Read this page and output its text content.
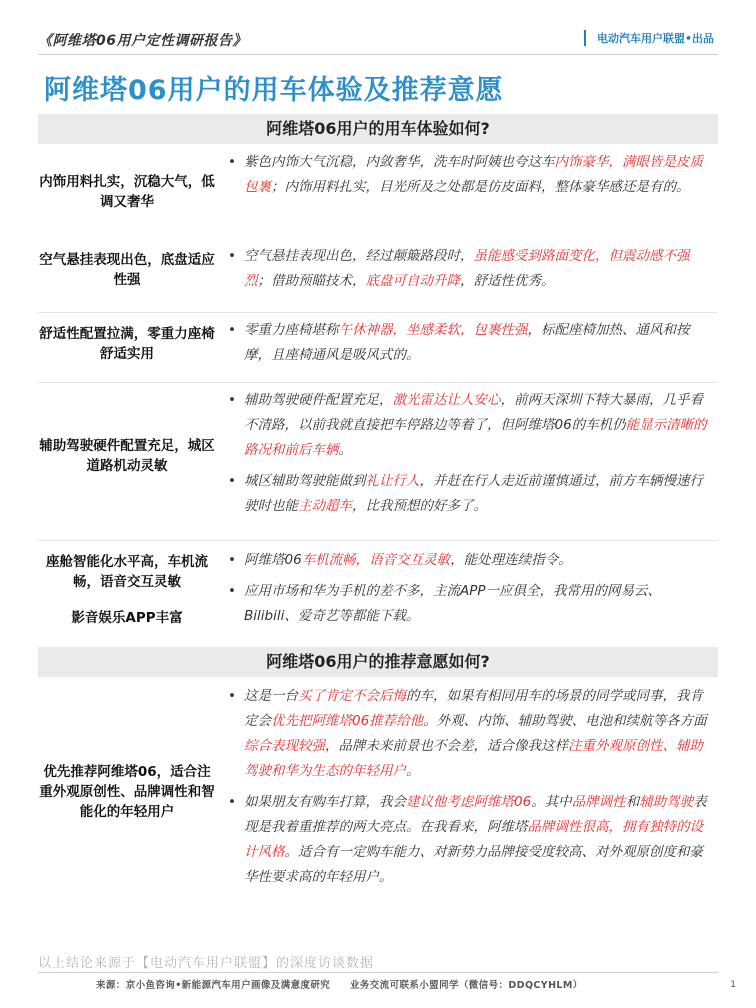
《阿维塔06用户定性调研报告》	电动汽车用户联盟•出品
阿维塔06用户的用车体验及推荐意愿
阿维塔06用户的用车体验如何?
内饰用料扎实，沉稳大气，低调又奢华
• 紫色内饰大气沉稳，内敛奢华，洗车时阿姨也夸这车内饰豪华，满眼皆是皮质包裹；内饰用料扎实，目光所及之处都是仿皮面料，整体豪华感还是有的。
空气悬挂表现出色，底盘适应性强
• 空气悬挂表现出色，经过颠簸路段时，虽能感受到路面变化，但震动感不强烈；借助预瞄技术，底盘可自动升降，舒适性优秀。
舒适性配置拉满，零重力座椅舒适实用
• 零重力座椅堪称午休神器，坐感柔软，包裹性强，标配座椅加热、通风和按摩，且座椅通风是吸风式的。
辅助驾驶硬件配置充足，城区道路机动灵敏
• 辅助驾驶硬件配置充足，激光雷达让人安心，前两天深圳下特大暴雨，几乎看不清路，以前我就直接把车停路边等着了，但阿维塔06的车机仍能显示清晰的路况和前后车辆。
• 城区辅助驾驶能做到礼让行人，并赶在行人走近前谨慎通过，前方车辆慢速行驶时也能主动超车，比我预想的好多了。
座舱智能化水平高，车机流畅，语音交互灵敏
影音娱乐APP丰富
• 阿维塔06车机流畅，语音交互灵敏，能处理连续指令。
• 应用市场和华为手机的差不多，主流APP一应俱全，我常用的网易云、Bilibili、爱奇艺等都能下载。
阿维塔06用户的推荐意愿如何?
优先推荐阿维塔06，适合注重外观原创性、品牌调性和智能化的年轻用户
• 这是一台买了肯定不会后悔的车，如果有相同用车的场景的同学或同事，我肯定会优先把阿维塔06推荐给他。外观、内饰、辅助驾驶、电池和续航等各方面综合表现较强，品牌未来前景也不会差，适合像我这样注重外观原创性、辅助驾驶和华为生态的年轻用户。
• 如果朋友有购车打算，我会建议他考虑阿维塔06。其中品牌调性和辅助驾驶表现是我着重推荐的两大亮点。在我看来，阿维塔品牌调性很高，拥有独特的设计风格。适合有一定购车能力、对新势力品牌接受度较高、对外观原创度和豪华性要求高的年轻用户。
以上结论来源于【电动汽车用户联盟】的深度访谈数据
来源：京小鱼咨询•新能源汽车用户画像及满意度研究　　业务交流可联系小盟同学（微信号：DDQCYHLM）	1
